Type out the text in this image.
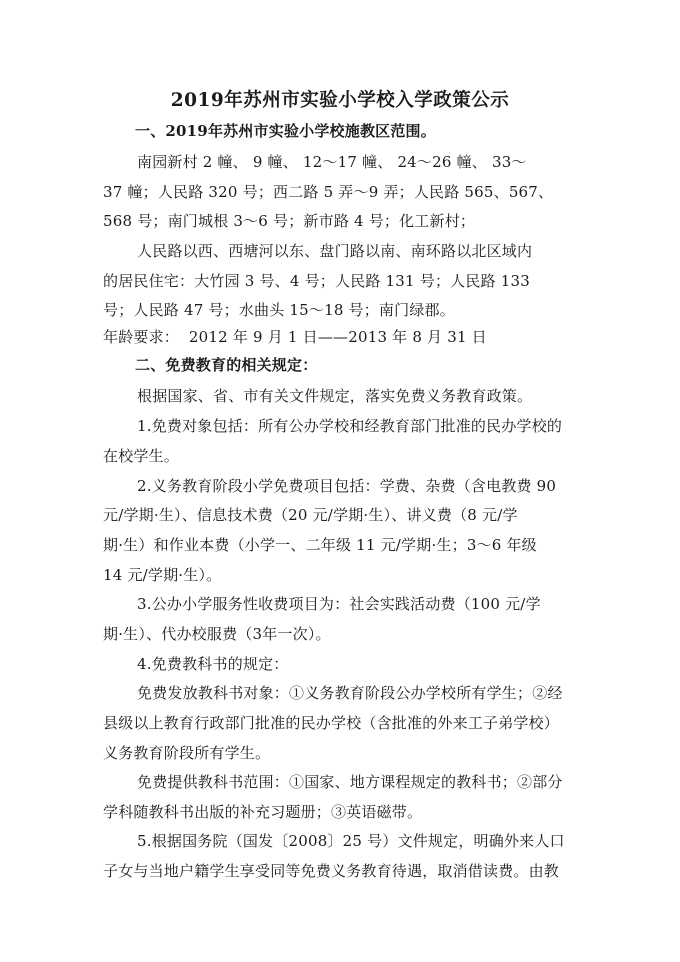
2019年苏州市实验小学校入学政策公示
一、2019年苏州市实验小学校施教区范围。
南园新村 2 幢、 9 幢、 12～17 幢、 24～26 幢、 33～
37 幢；人民路 320 号；西二路 5 弄～9 弄；人民路 565、567、
568 号；南门城根 3～6 号；新市路 4 号；化工新村；
人民路以西、西塘河以东、盘门路以南、南环路以北区域内
的居民住宅：大竹园 3 号、4 号；人民路 131 号；人民路 133
号；人民路 47 号；水曲头 15～18 号；南门绿郡。
年龄要求：  2012 年 9 月 1 日——2013 年 8 月 31 日
二、免费教育的相关规定：
根据国家、省、市有关文件规定，落实免费义务教育政策。
1.免费对象包括：所有公办学校和经教育部门批准的民办学校的
在校学生。
2.义务教育阶段小学免费项目包括：学费、杂费（含电教费 90
元/学期·生）、信息技术费（20 元/学期·生）、讲义费（8 元/学
期·生）和作业本费（小学一、二年级 11 元/学期·生；3～6 年级
14 元/学期·生）。
3.公办小学服务性收费项目为：社会实践活动费（100 元/学
期·生）、代办校服费（3年一次）。
4.免费教科书的规定：
免费发放教科书对象：①义务教育阶段公办学校所有学生；②经
县级以上教育行政部门批准的民办学校（含批准的外来工子弟学校）
义务教育阶段所有学生。
免费提供教科书范围：①国家、地方课程规定的教科书；②部分
学科随教科书出版的补充习题册；③英语磁带。
5.根据国务院（国发〔2008〕25 号）文件规定，明确外来人口
子女与当地户籍学生享受同等免费义务教育待遇，取消借读费。由教
